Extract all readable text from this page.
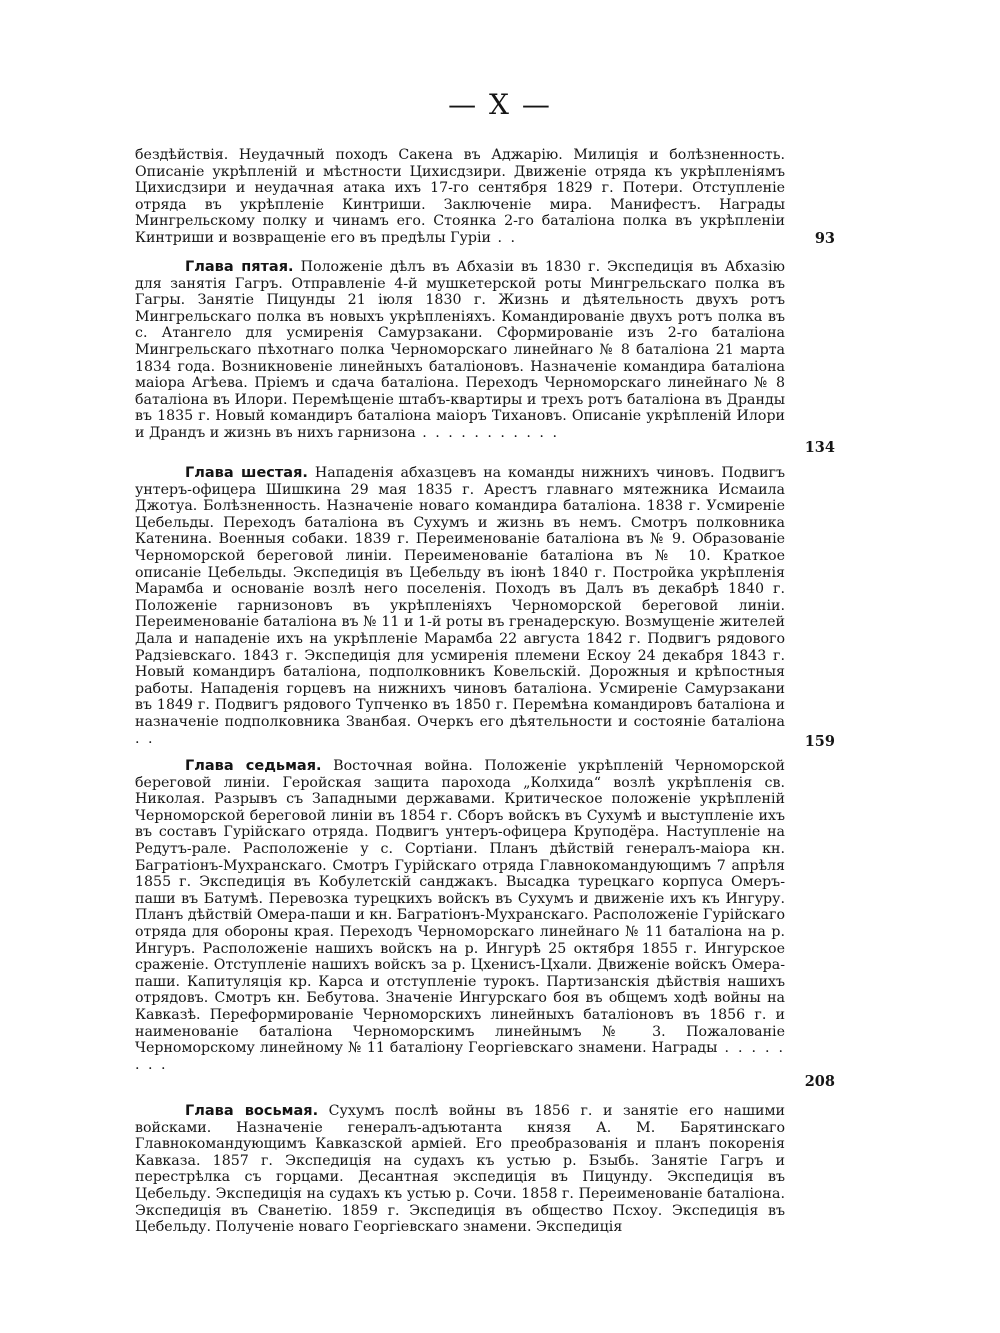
— X —
бездѣйствія. Неудачный походъ Сакена въ Аджарію. Милиція и болѣзненность. Описаніе укрѣпленій и мѣстности Цихисдзири. Движеніе отряда къ укрѣпленіямъ Цихисдзири и неудачная атака ихъ 17-го сентября 1829 г. Потери. Отступленіе отряда въ укрѣпленіе Кинтриши. Заключеніе мира. Манифестъ. Награды Мингрельскому полку и чинамъ его. Стоянка 2-го баталіона полка въ укрѣпленіи Кинтриши и возвращеніе его въ предѣлы Гуріи . .	93
Глава пятая. Положеніе дѣлъ въ Абхазіи въ 1830 г. Экспедиція въ Абхазію для занятія Гагръ. Отправленіе 4-й мушкетерской роты Мингрельскаго полка въ Гагры. Занятіе Пицунды 21 іюля 1830 г. Жизнь и дѣятельность двухъ ротъ Мингрельскаго полка въ новыхъ укрѣпленіяхъ. Командированіе двухъ ротъ полка въ с. Атангело для усмиренія Самурзакани. Сформированіе изъ 2-го баталіона Мингрельскаго пѣхотнаго полка Черноморскаго линейнаго № 8 баталіона 21 марта 1834 года. Возникновеніе линейныхъ баталіоновъ. Назначеніе командира баталіона маіора Агѣева. Пріемъ и сдача баталіона. Переходъ Черноморскаго линейнаго № 8 баталіона въ Илори. Перемѣщеніе штабъ-квартиры и трехъ ротъ баталіона въ Дранды въ 1835 г. Новый командиръ баталіона маіоръ Тихановъ. Описаніе укрѣпленій Илори и Драндъ и жизнь въ нихъ гарнизона . . . . . . . . . . .
134
Глава шестая. Нападенія абхазцевъ на команды нижнихъ чиновъ. Подвигъ унтеръ-офицера Шишкина 29 мая 1835 г. Арестъ главнаго мятежника Исмаила Джотуа. Болѣзненность. Назначеніе новаго командира баталіона. 1838 г. Усмиреніе Цебельды. Переходъ баталіона въ Сухумъ и жизнь въ немъ. Смотръ полковника Катенина. Военныя собаки. 1839 г. Переименованіе баталіона въ № 9. Образованіе Черноморской береговой линіи. Переименованіе баталіона въ № 10. Краткое описаніе Цебельды. Экспедиція въ Цебельду въ іюнѣ 1840 г. Постройка укрѣпленія Марамба и основаніе возлѣ него поселенія. Походъ въ Далъ въ декабрѣ 1840 г. Положеніе гарнизоновъ въ укрѣпленіяхъ Черноморской береговой линіи. Переименованіе баталіона въ № 11 и 1-й роты въ гренадерскую. Возмущеніе жителей Дала и нападеніе ихъ на укрѣпленіе Марамба 22 августа 1842 г. Подвигъ рядового Радзіевскаго. 1843 г. Экспедиція для усмиренія племени Ескоу 24 декабря 1843 г. Новый командиръ баталіона, подполковникъ Ковельскій. Дорожныя и крѣпостныя работы. Нападенія горцевъ на нижнихъ чиновъ баталіона. Усмиреніе Самурзакани въ 1849 г. Подвигъ рядового Тупченко въ 1850 г. Перемѣна командировъ баталіона и назначеніе подполковника Званбая. Очеркъ его дѣятельности и состояніе баталіона . .	159
Глава седьмая. Восточная война. Положеніе укрѣпленій Черноморской береговой линіи. Геройская защита парохода „Колхида“ возлѣ укрѣпленія св. Николая. Разрывъ съ Западными державами. Критическое положеніе укрѣпленій Черноморской береговой линіи въ 1854 г. Сборъ войскъ въ Сухумѣ и выступленіе ихъ въ составъ Гурійскаго отряда. Подвигъ унтеръ-офицера Круподёра. Наступленіе на Редутъ-рале. Расположеніе у с. Сортіани. Планъ дѣйствій генералъ-маіора кн. Багратіонъ-Мухранскаго. Смотръ Гурійскаго отряда Главнокомандующимъ 7 апрѣля 1855 г. Экспедиція въ Кобулетскій санджакъ. Высадка турецкаго корпуса Омеръ-паши въ Батумѣ. Перевозка турецкихъ войскъ въ Сухумъ и движеніе ихъ къ Ингуру. Планъ дѣйствій Омера-паши и кн. Багратіонъ-Мухранскаго. Расположеніе Гурійскаго отряда для обороны края. Переходъ Черноморскаго линейнаго № 11 баталіона на р. Ингуръ. Расположеніе нашихъ войскъ на р. Ингурѣ 25 октября 1855 г. Ингурское сраженіе. Отступленіе нашихъ войскъ за р. Цхенисъ-Цхали. Движеніе войскъ Омера-паши. Капитуляція кр. Карса и отступленіе турокъ. Партизанскія дѣйствія нашихъ отрядовъ. Смотръ кн. Бебутова. Значеніе Ингурскаго боя въ общемъ ходѣ войны на Кавказѣ. Переформированіе Черноморскихъ линейныхъ баталіоновъ въ 1856 г. и наименованіе баталіона Черноморскимъ линейнымъ № 3. Пожалованіе Черноморскому линейному № 11 баталіону Георгіевскаго знамени. Награды . . . . . . . .
208
Глава восьмая. Сухумъ послѣ войны въ 1856 г. и занятіе его нашими войсками. Назначеніе генералъ-адъютанта князя А. М. Барятинскаго Главнокомандующимъ Кавказской арміей. Его преобразованія и планъ покоренія Кавказа. 1857 г. Экспедиція на судахъ къ устью р. Бзыбь. Занятіе Гагръ и перестрѣлка съ горцами. Десантная экспедиція въ Пицунду. Экспедиція въ Цебельду. Экспедиція на судахъ къ устью р. Сочи. 1858 г. Переименованіе баталіона. Экспедиція въ Сванетію. 1859 г. Экспедиція въ общество Псхоу. Экспедиція въ Цебельду. Полученіе новаго Георгіевскаго знамени. Экспедиція
